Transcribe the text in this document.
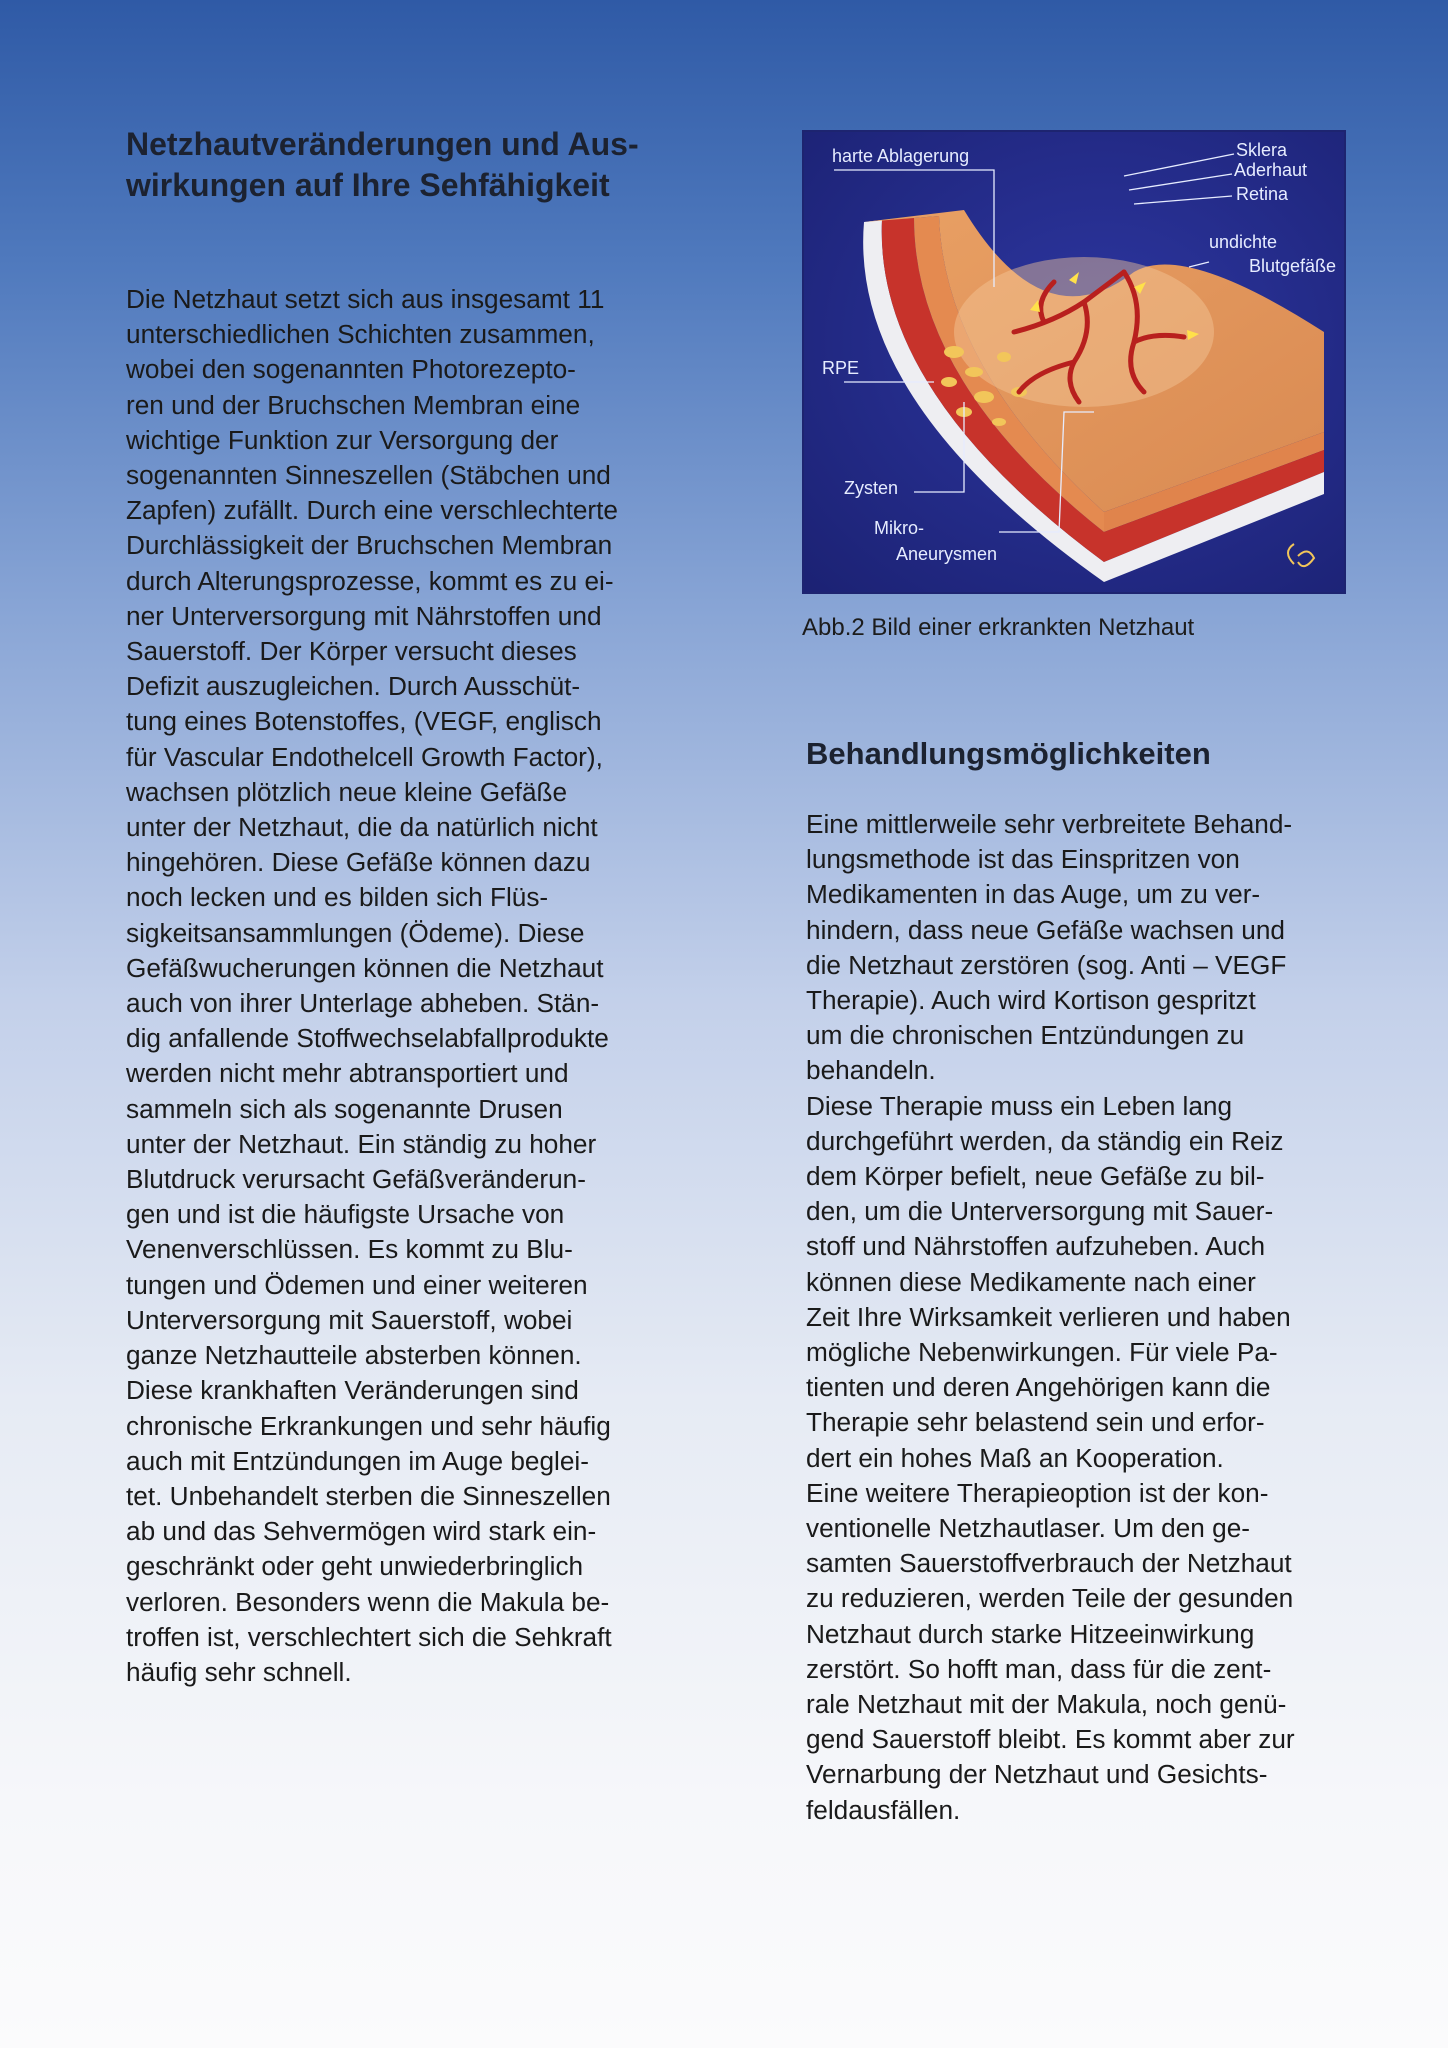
Netzhautveränderungen und Aus-
wirkungen auf Ihre Sehfähigkeit

Die Netzhaut setzt sich aus insgesamt 11
unterschiedlichen Schichten zusammen,
wobei den sogenannten Photorezepto-
ren und der Bruchschen Membran eine
wichtige Funktion zur Versorgung der
sogenannten Sinneszellen (Stäbchen und
Zapfen) zufällt. Durch eine verschlechterte
Durchlässigkeit der Bruchschen Membran
durch Alterungsprozesse, kommt es zu ei-
ner Unterversorgung mit Nährstoffen und
Sauerstoff. Der Körper versucht dieses
Defizit auszugleichen. Durch Ausschüt-
tung eines Botenstoffes, (VEGF, englisch
für Vascular Endothelcell Growth Factor),
wachsen plötzlich neue kleine Gefäße
unter der Netzhaut, die da natürlich nicht
hingehören. Diese Gefäße können dazu
noch lecken und es bilden sich Flüs-
sigkeitsansammlungen (Ödeme). Diese
Gefäßwucherungen können die Netzhaut
auch von ihrer Unterlage abheben. Stän-
dig anfallende Stoffwechselabfallprodukte
werden nicht mehr abtransportiert und
sammeln sich als sogenannte Drusen
unter der Netzhaut. Ein ständig zu hoher
Blutdruck verursacht Gefäßveränderun-
gen und ist die häufigste Ursache von
Venenverschlüssen. Es kommt zu Blu-
tungen und Ödemen und einer weiteren
Unterversorgung mit Sauerstoff, wobei
ganze Netzhautteile absterben können.
Diese krankhaften Veränderungen sind
chronische Erkrankungen und sehr häufig
auch mit Entzündungen im Auge beglei-
tet. Unbehandelt sterben die Sinneszellen
ab und das Sehvermögen wird stark ein-
geschränkt oder geht unwiederbringlich
verloren. Besonders wenn die Makula be-
troffen ist, verschlechtert sich die Sehkraft
häufig sehr schnell.

harte Ablagerung	Sklera
Aderhaut
Retina
undichte
Blutgefäße
RPE
Zysten
Mikro-
Aneurysmen
Abb.2 Bild einer erkrankten Netzhaut
Behandlungsmöglichkeiten

Eine mittlerweile sehr verbreitete Behand-
lungsmethode ist das Einspritzen von
Medikamenten in das Auge, um zu ver-
hindern, dass neue Gefäße wachsen und
die Netzhaut zerstören (sog. Anti – VEGF
Therapie). Auch wird Kortison gespritzt
um die chronischen Entzündungen zu
behandeln.
Diese Therapie muss ein Leben lang
durchgeführt werden, da ständig ein Reiz
dem Körper befielt, neue Gefäße zu bil-
den, um die Unterversorgung mit Sauer-
stoff und Nährstoffen aufzuheben. Auch
können diese Medikamente nach einer
Zeit Ihre Wirksamkeit verlieren und haben
mögliche Nebenwirkungen. Für viele Pa-
tienten und deren Angehörigen kann die
Therapie sehr belastend sein und erfor-
dert ein hohes Maß an Kooperation.
Eine weitere Therapieoption ist der kon-
ventionelle Netzhautlaser. Um den ge-
samten Sauerstoffverbrauch der Netzhaut
zu reduzieren, werden Teile der gesunden
Netzhaut durch starke Hitzeeinwirkung
zerstört. So hofft man, dass für die zent-
rale Netzhaut mit der Makula, noch genü-
gend Sauerstoff bleibt. Es kommt aber zur
Vernarbung der Netzhaut und Gesichts-
feldausfällen.
